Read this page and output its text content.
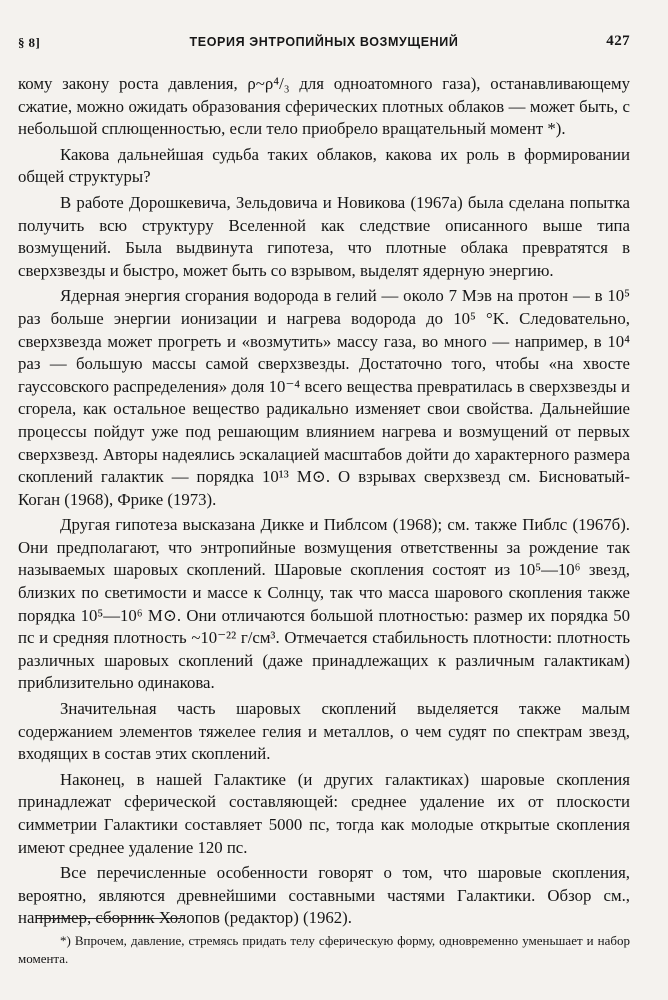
§ 8]	ТЕОРИЯ ЭНТРОПИЙНЫХ ВОЗМУЩЕНИЙ	427

кому закону роста давления, ρ~ρ⁴/₃ для одноатомного газа), останавливающему сжатие, можно ожидать образования сферических плотных облаков — может быть, с небольшой сплющенностью, если тело приобрело вращательный момент *).

Какова дальнейшая судьба таких облаков, какова их роль в формировании общей структуры?

В работе Дорошкевича, Зельдовича и Новикова (1967а) была сделана попытка получить всю структуру Вселенной как следствие описанного выше типа возмущений. Была выдвинута гипотеза, что плотные облака превратятся в сверхзвезды и быстро, может быть со взрывом, выделят ядерную энергию.

Ядерная энергия сгорания водорода в гелий — около 7 Мэв на протон — в 10⁵ раз больше энергии ионизации и нагрева водорода до 10⁵ °K. Следовательно, сверхзвезда может прогреть и «возмутить» массу газа, во много — например, в 10⁴ раз — большую массы самой сверхзвезды. Достаточно того, чтобы «на хвосте гауссовского распределения» доля 10⁻⁴ всего вещества превратилась в сверхзвезды и сгорела, как остальное вещество радикально изменяет свои свойства. Дальнейшие процессы пойдут уже под решающим влиянием нагрева и возмущений от первых сверхзвезд. Авторы надеялись эскалацией масштабов дойти до характерного размера скоплений галактик — порядка 10¹³ M⊙. О взрывах сверхзвезд см. Бисноватый-Коган (1968), Фрике (1973).

Другая гипотеза высказана Дикке и Пиблсом (1968); см. также Пиблс (1967б). Они предполагают, что энтропийные возмущения ответственны за рождение так называемых шаровых скоплений. Шаровые скопления состоят из 10⁵—10⁶ звезд, близких по светимости и массе к Солнцу, так что масса шарового скопления также порядка 10⁵—10⁶ M⊙. Они отличаются большой плотностью: размер их порядка 50 пс и средняя плотность ~10⁻²² г/см³. Отмечается стабильность плотности: плотность различных шаровых скоплений (даже принадлежащих к различным галактикам) приблизительно одинакова.

Значительная часть шаровых скоплений выделяется также малым содержанием элементов тяжелее гелия и металлов, о чем судят по спектрам звезд, входящих в состав этих скоплений.

Наконец, в нашей Галактике (и других галактиках) шаровые скопления принадлежат сферической составляющей: среднее удаление их от плоскости симметрии Галактики составляет 5000 пс, тогда как молодые открытые скопления имеют среднее удаление 120 пс.

Все перечисленные особенности говорят о том, что шаровые скопления, вероятно, являются древнейшими составными частями Галактики. Обзор см., например, сборник Холопов (редактор) (1962).

*) Впрочем, давление, стремясь придать телу сферическую форму, одновременно уменьшает и набор момента.
